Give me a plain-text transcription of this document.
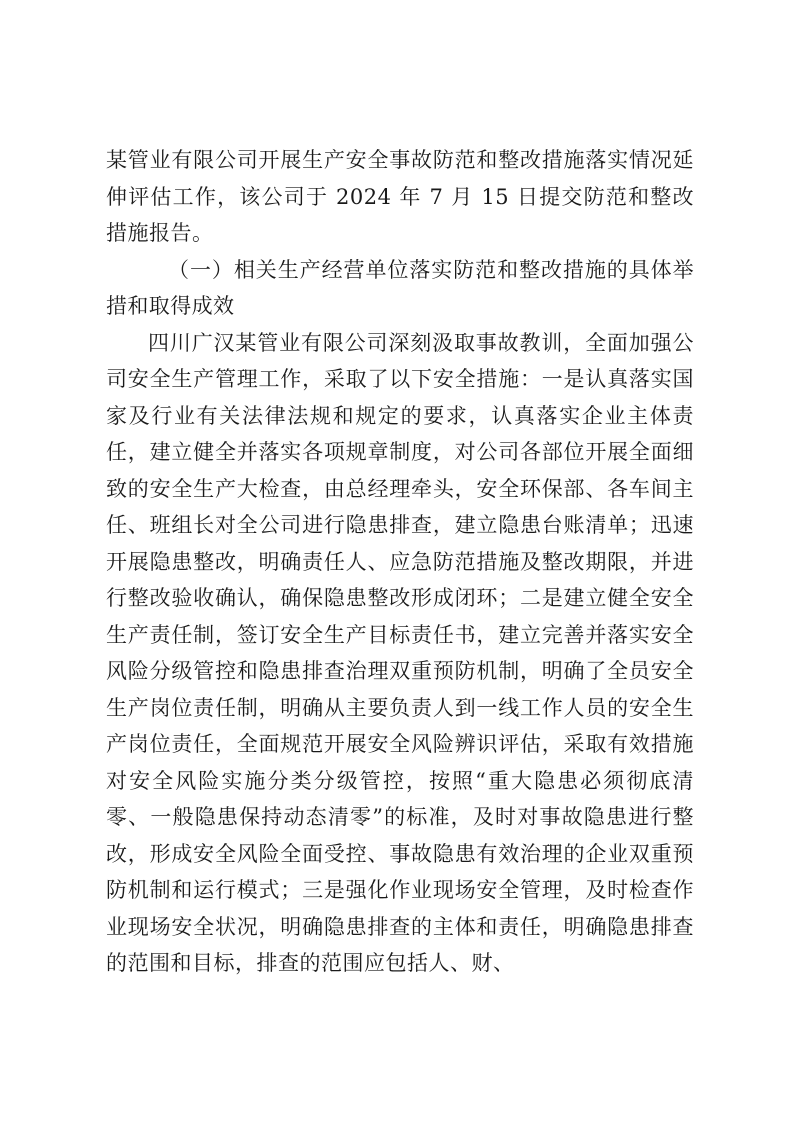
某管业有限公司开展生产安全事故防范和整改措施落实情况延伸评估工作，该公司于 2024 年 7 月 15 日提交防范和整改措施报告。

（一）相关生产经营单位落实防范和整改措施的具体举措和取得成效

四川广汉某管业有限公司深刻汲取事故教训，全面加强公司安全生产管理工作，采取了以下安全措施：一是认真落实国家及行业有关法律法规和规定的要求，认真落实企业主体责任，建立健全并落实各项规章制度，对公司各部位开展全面细致的安全生产大检查，由总经理牵头，安全环保部、各车间主任、班组长对全公司进行隐患排查，建立隐患台账清单；迅速开展隐患整改，明确责任人、应急防范措施及整改期限，并进行整改验收确认，确保隐患整改形成闭环；二是建立健全安全生产责任制，签订安全生产目标责任书，建立完善并落实安全风险分级管控和隐患排查治理双重预防机制，明确了全员安全生产岗位责任制，明确从主要负责人到一线工作人员的安全生产岗位责任，全面规范开展安全风险辨识评估，采取有效措施对安全风险实施分类分级管控，按照“重大隐患必须彻底清零、一般隐患保持动态清零”的标准，及时对事故隐患进行整改，形成安全风险全面受控、事故隐患有效治理的企业双重预防机制和运行模式；三是强化作业现场安全管理，及时检查作业现场安全状况，明确隐患排查的主体和责任，明确隐患排查的范围和目标，排查的范围应包括人、财、
